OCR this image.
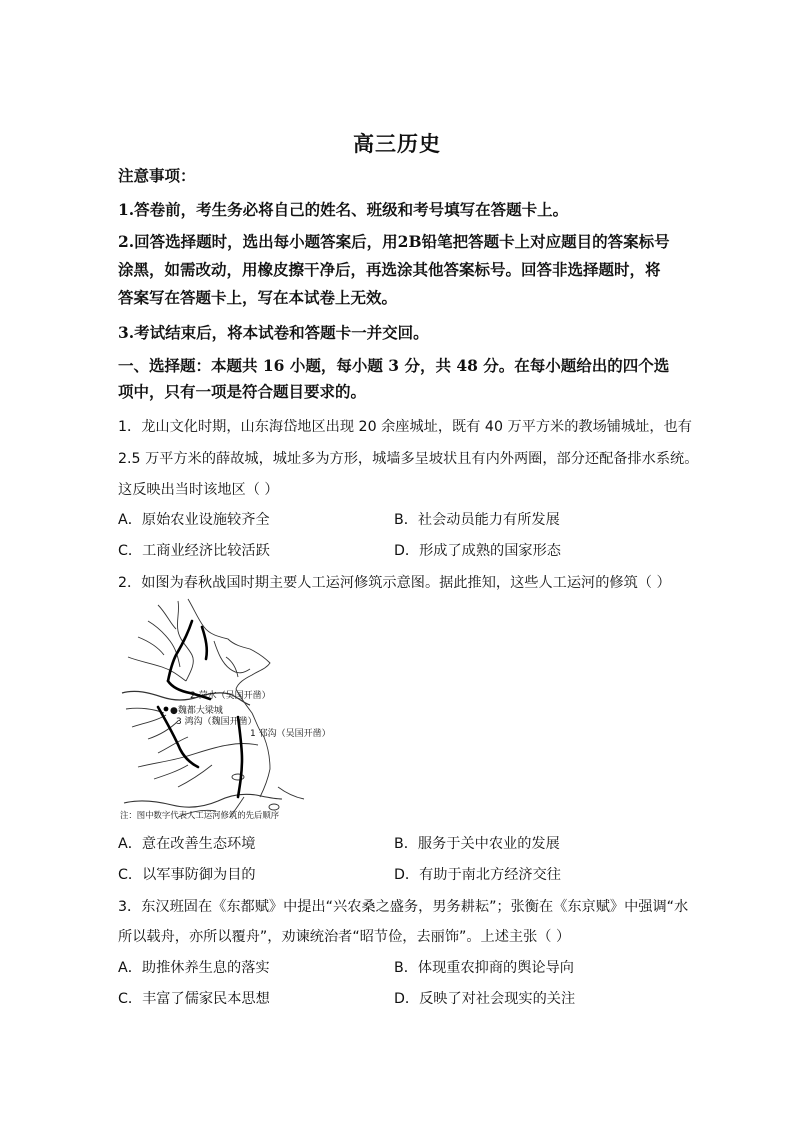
高三历史
注意事项：
1.答卷前，考生务必将自己的姓名、班级和考号填写在答题卡上。
2.回答选择题时，选出每小题答案后，用2B铅笔把答题卡上对应题目的答案标号
涂黑，如需改动，用橡皮擦干净后，再选涂其他答案标号。回答非选择题时，将
答案写在答题卡上，写在本试卷上无效。
3.考试结束后，将本试卷和答题卡一并交回。
一、选择题：本题共 16 小题，每小题 3 分，共 48 分。在每小题给出的四个选
项中，只有一项是符合题目要求的。
1．龙山文化时期，山东海岱地区出现 20 余座城址，既有 40 万平方米的教场铺城址，也有
2.5 万平方米的薛故城，城址多为方形，城墙多呈坡状且有内外两圈，部分还配备排水系统。
这反映出当时该地区（ ）
A．原始农业设施较齐全	B．社会动员能力有所发展
C．工商业经济比较活跃	D．形成了成熟的国家形态
2．如图为春秋战国时期主要人工运河修筑示意图。据此推知，这些人工运河的修筑（ ）
2 菏水（吴国开凿）
●魏都大梁城
3 鸿沟（魏国开凿）
1 邗沟（吴国开凿）
注：图中数字代表人工运河修筑的先后顺序
A．意在改善生态环境	B．服务于关中农业的发展
C．以军事防御为目的	D．有助于南北方经济交往
3．东汉班固在《东都赋》中提出“兴农桑之盛务，男务耕耘”；张衡在《东京赋》中强调“水
所以载舟，亦所以覆舟”，劝谏统治者“昭节俭，去丽饰”。上述主张（ ）
A．助推休养生息的落实	B．体现重农抑商的舆论导向
C．丰富了儒家民本思想	D．反映了对社会现实的关注
